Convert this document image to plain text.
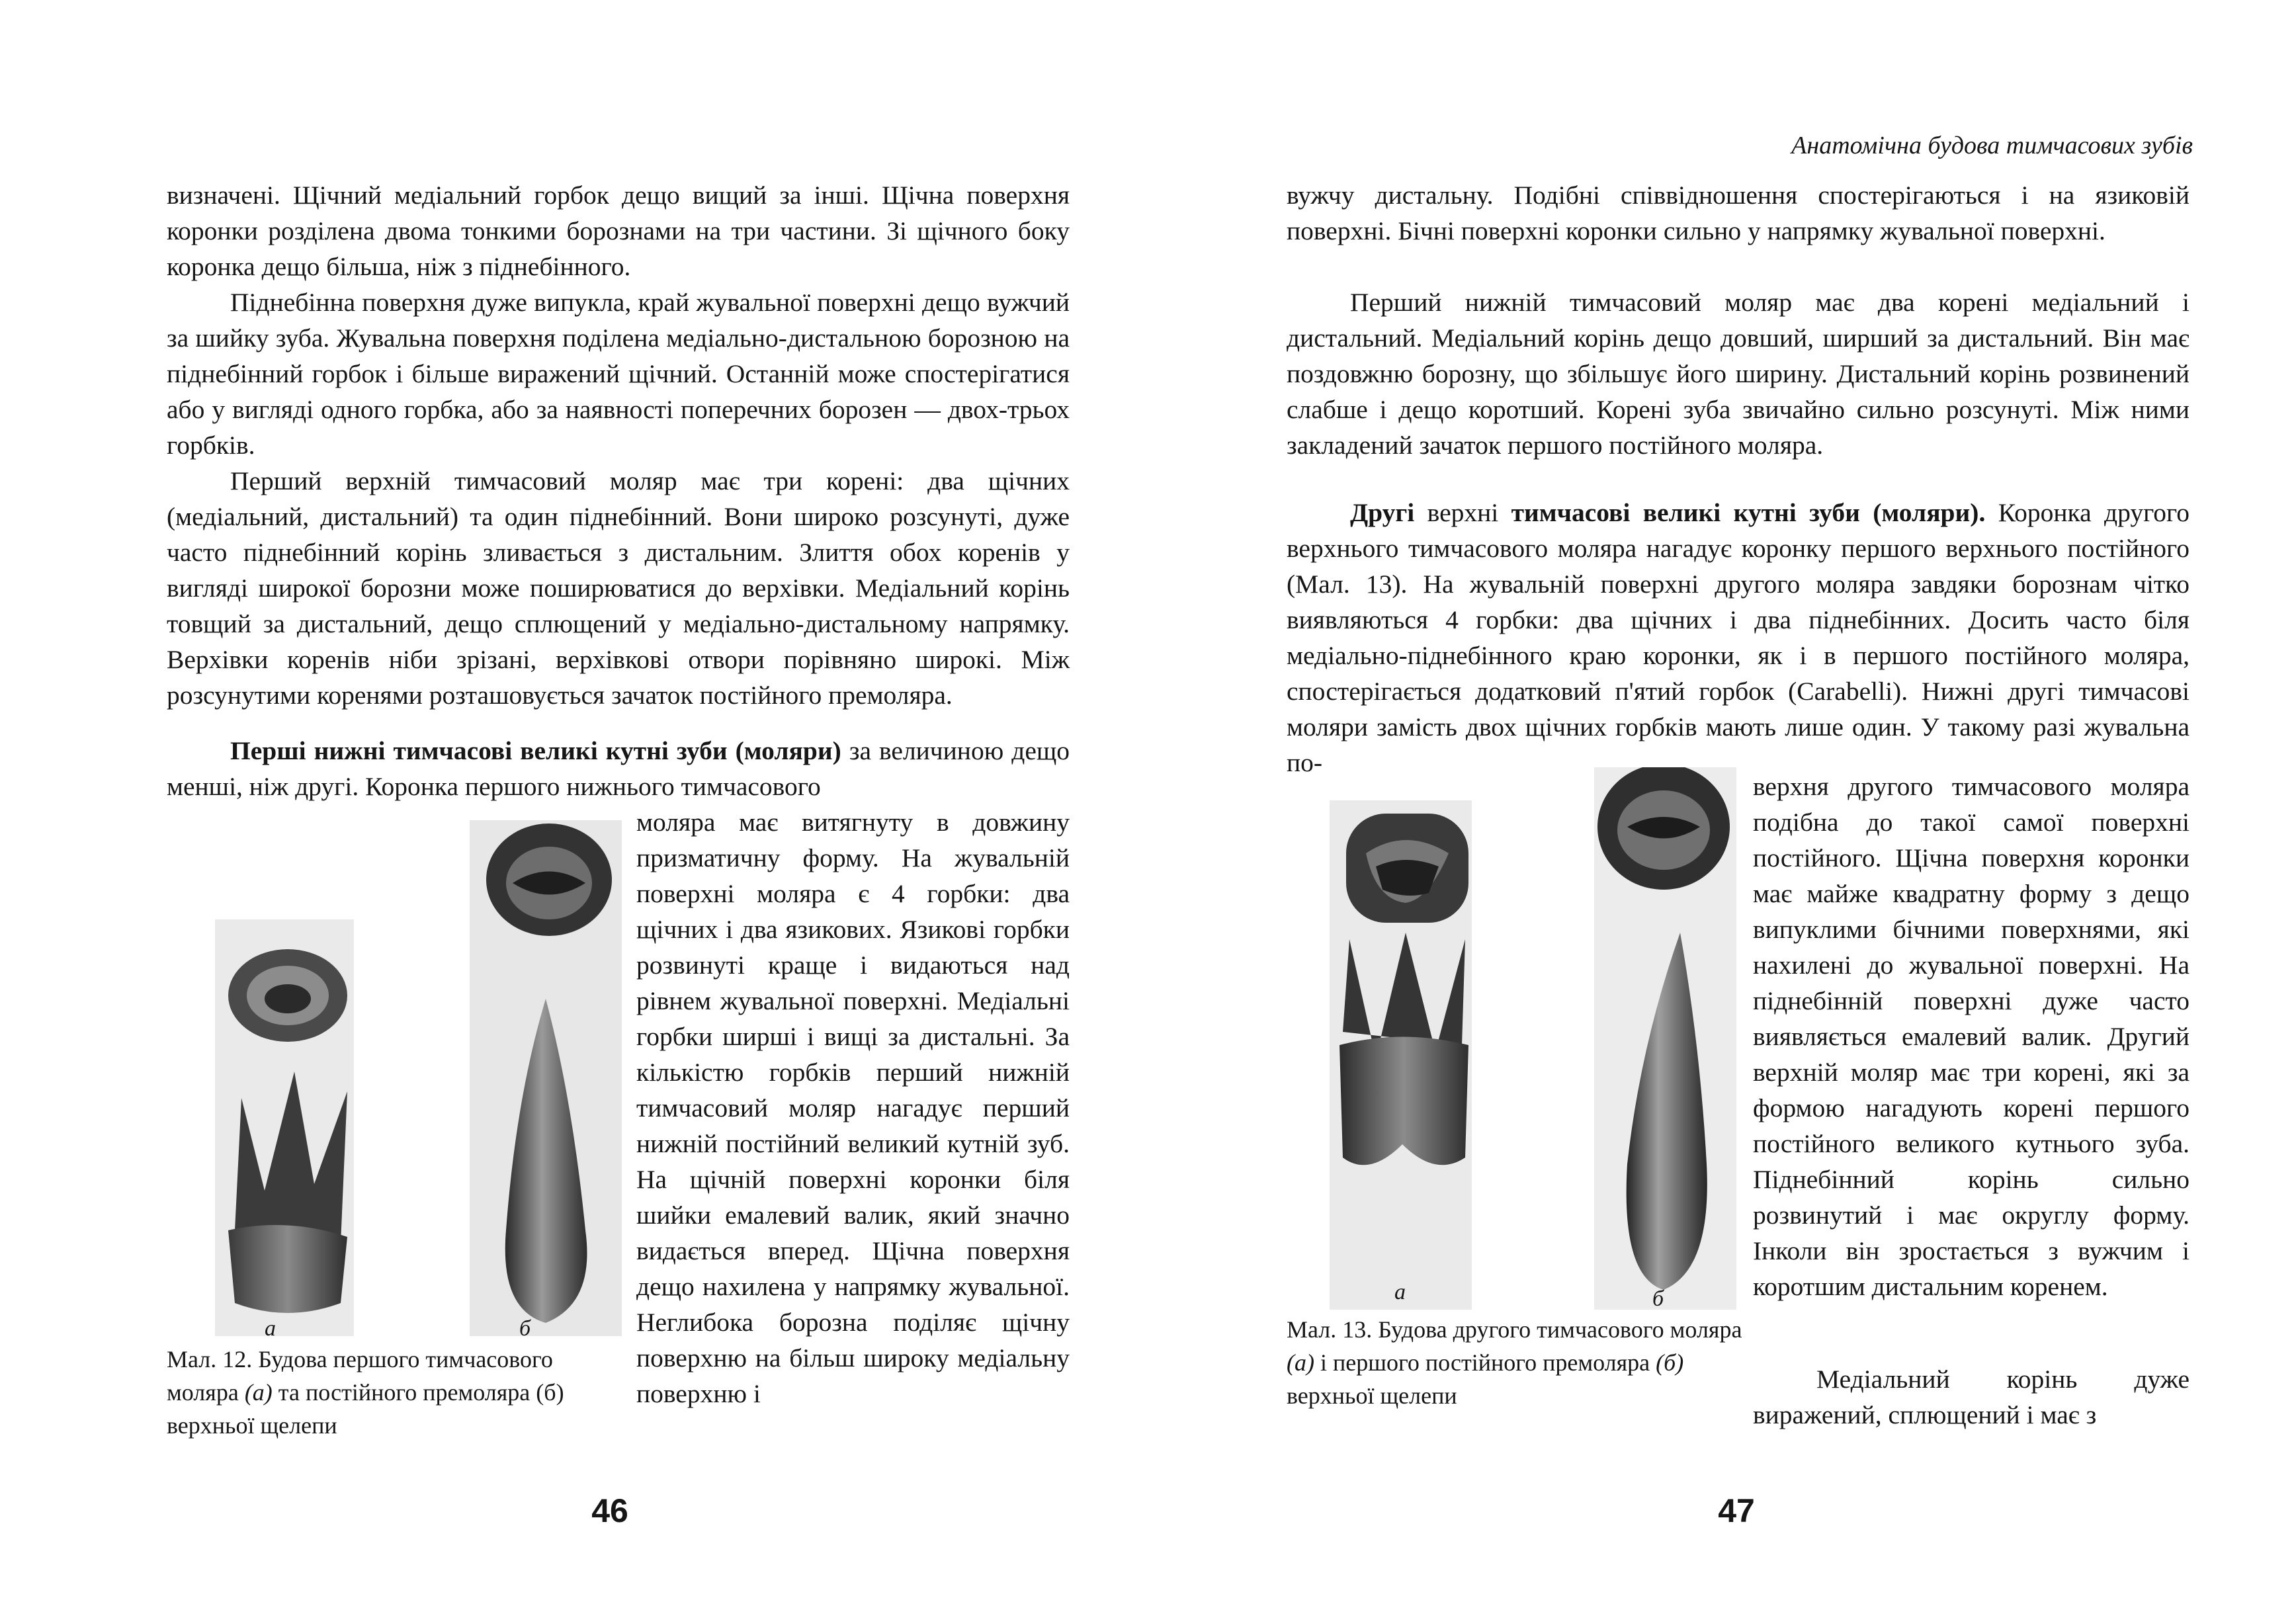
визначені. Щічний медіальний горбок дещо вищий за інші. Щічна поверхня коронки розділена двома тонкими борознами на три частини. Зі щічного боку коронка дещо більша, ніж з піднебінного.

Піднебінна поверхня дуже випукла, край жувальної поверхні дещо вужчий за шийку зуба. Жувальна поверхня поділена медіально-дистальною борозною на піднебінний горбок і більше виражений щічний. Останній може спостерігатися або у вигляді одного горбка, або за наявності поперечних борозен — двох-трьох горбків.

Перший верхній тимчасовий моляр має три корені: два щічних (медіальний, дистальний) та один піднебінний. Вони широко розсунуті, дуже часто піднебінний корінь зливається з дистальним. Злиття обох коренів у вигляді широкої борозни може поширюватися до верхівки. Медіальний корінь товщий за дистальний, дещо сплющений у медіально-дистальному напрямку. Верхівки коренів ніби зрізані, верхівкові отвори порівняно широкі. Між розсунутими коренями розташовується зачаток постійного премоляра.

Перші нижні тимчасові великі кутні зуби (моляри) за величиною дещо менші, ніж другі. Коронка першого нижнього тимчасового

моляра має витягнуту в довжину призматичну форму. На жувальній поверхні моляра є 4 горбки: два щічних і два язикових. Язикові горбки розвинуті краще і видаються над рівнем жувальної поверхні. Медіальні горбки ширші і вищі за дистальні. За кількістю горбків перший нижній тимчасовий моляр нагадує перший нижній постійний великий кутній зуб. На щічній поверхні коронки біля шийки емалевий валик, який значно видається вперед. Щічна поверхня дещо нахилена у напрямку жувальної. Неглибока борозна поділяє щічну поверхню на більш широку медіальну поверхню і

а	б

Мал. 12. Будова першого тимчасового моляра (а) та постійного премоляра (б) верхньої щелепи

46
Анатомічна будова тимчасових зубів

вужчу дистальну. Подібні співвідношення спостерігаються і на язиковій поверхні. Бічні поверхні коронки сильно у напрямку жувальної поверхні.

Перший нижній тимчасовий моляр має два корені медіальний і дистальний. Медіальний корінь дещо довший, ширший за дистальний. Він має поздовжню борозну, що збільшує його ширину. Дистальний корінь розвинений слабше і дещо коротший. Корені зуба звичайно сильно розсунуті. Між ними закладений зачаток першого постійного моляра.

Другі верхні тимчасові великі кутні зуби (моляри). Коронка другого верхнього тимчасового моляра нагадує коронку першого верхнього постійного (Мал. 13). На жувальній поверхні другого моляра завдяки борознам чітко виявляються 4 горбки: два щічних і два піднебінних. Досить часто біля медіально-піднебінного краю коронки, як і в першого постійного моляра, спостерігається додатковий п'ятий горбок (Carabelli). Нижні другі тимчасові моляри замість двох щічних горбків мають лише один. У такому разі жувальна по-

верхня другого тимчасового моляра подібна до такої самої поверхні постійного. Щічна поверхня коронки має майже квадратну форму з дещо випуклими бічними поверхнями, які нахилені до жувальної поверхні. На піднебінній поверхні дуже часто виявляється емалевий валик. Другий верхній моляр має три корені, які за формою нагадують корені першого постійного великого кутнього зуба. Піднебінний корінь сильно розвинутий і має округлу форму. Інколи він зростається з вужчим і коротшим дистальним коренем.

Медіальний корінь дуже виражений, сплющений і має з

а	б

Мал. 13. Будова другого тимчасового моляра (а) і першого постійного премоляра (б) верхньої щелепи

47
